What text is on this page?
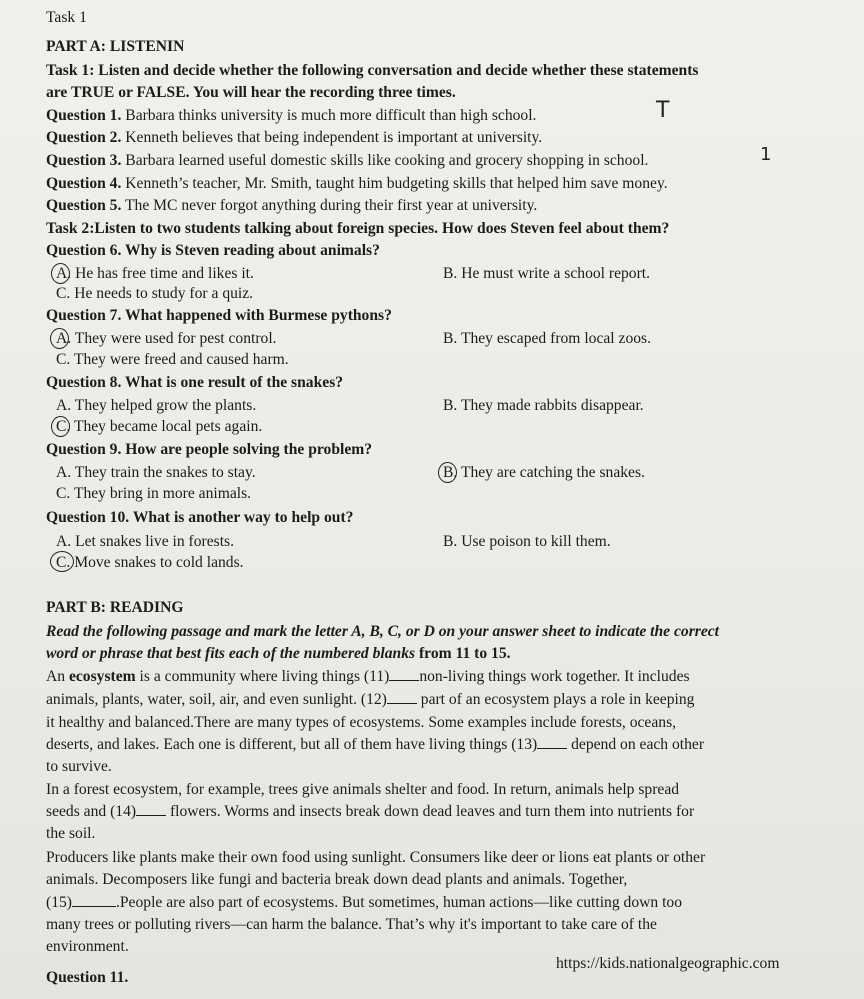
Task 1
PART A: LISTENIN
Task 1: Listen and decide whether the following conversation and decide whether these statements
are TRUE or FALSE. You will hear the recording three times.
Question 1. Barbara thinks university is much more difficult than high school.
Question 2. Kenneth believes that being independent is important at university.
Question 3. Barbara learned useful domestic skills like cooking and grocery shopping in school.
Question 4. Kenneth’s teacher, Mr. Smith, taught him budgeting skills that helped him save money.
Question 5. The MC never forgot anything during their first year at university.
T
1
Task 2:Listen to two students talking about foreign species. How does Steven feel about them?
Question 6. Why is Steven reading about animals?
A. He has free time and likes it.	B. He must write a school report.
C. He needs to study for a quiz.
Question 7. What happened with Burmese pythons?
A. They were used for pest control.	B. They escaped from local zoos.
C. They were freed and caused harm.
Question 8. What is one result of the snakes?
A. They helped grow the plants.	B. They made rabbits disappear.
C. They became local pets again.
Question 9. How are people solving the problem?
A. They train the snakes to stay.	B. They are catching the snakes.
C. They bring in more animals.
Question 10. What is another way to help out?
A. Let snakes live in forests.	B. Use poison to kill them.
C. Move snakes to cold lands.
PART B: READING
Read the following passage and mark the letter A, B, C, or D on your answer sheet to indicate the correct
word or phrase that best fits each of the numbered blanks from 11 to 15.
An ecosystem is a community where living things (11) non-living things work together. It includes
animals, plants, water, soil, air, and even sunlight. (12) part of an ecosystem plays a role in keeping
it healthy and balanced.There are many types of ecosystems. Some examples include forests, oceans,
deserts, and lakes. Each one is different, but all of them have living things (13) depend on each other
to survive.
In a forest ecosystem, for example, trees give animals shelter and food. In return, animals help spread
seeds and (14) flowers. Worms and insects break down dead leaves and turn them into nutrients for
the soil.
Producers like plants make their own food using sunlight. Consumers like deer or lions eat plants or other
animals. Decomposers like fungi and bacteria break down dead plants and animals. Together,
(15)	.People are also part of ecosystems. But sometimes, human actions—like cutting down too
many trees or polluting rivers—can harm the balance. That’s why it's important to take care of the
environment.
https://kids.nationalgeographic.com
Question 11.
